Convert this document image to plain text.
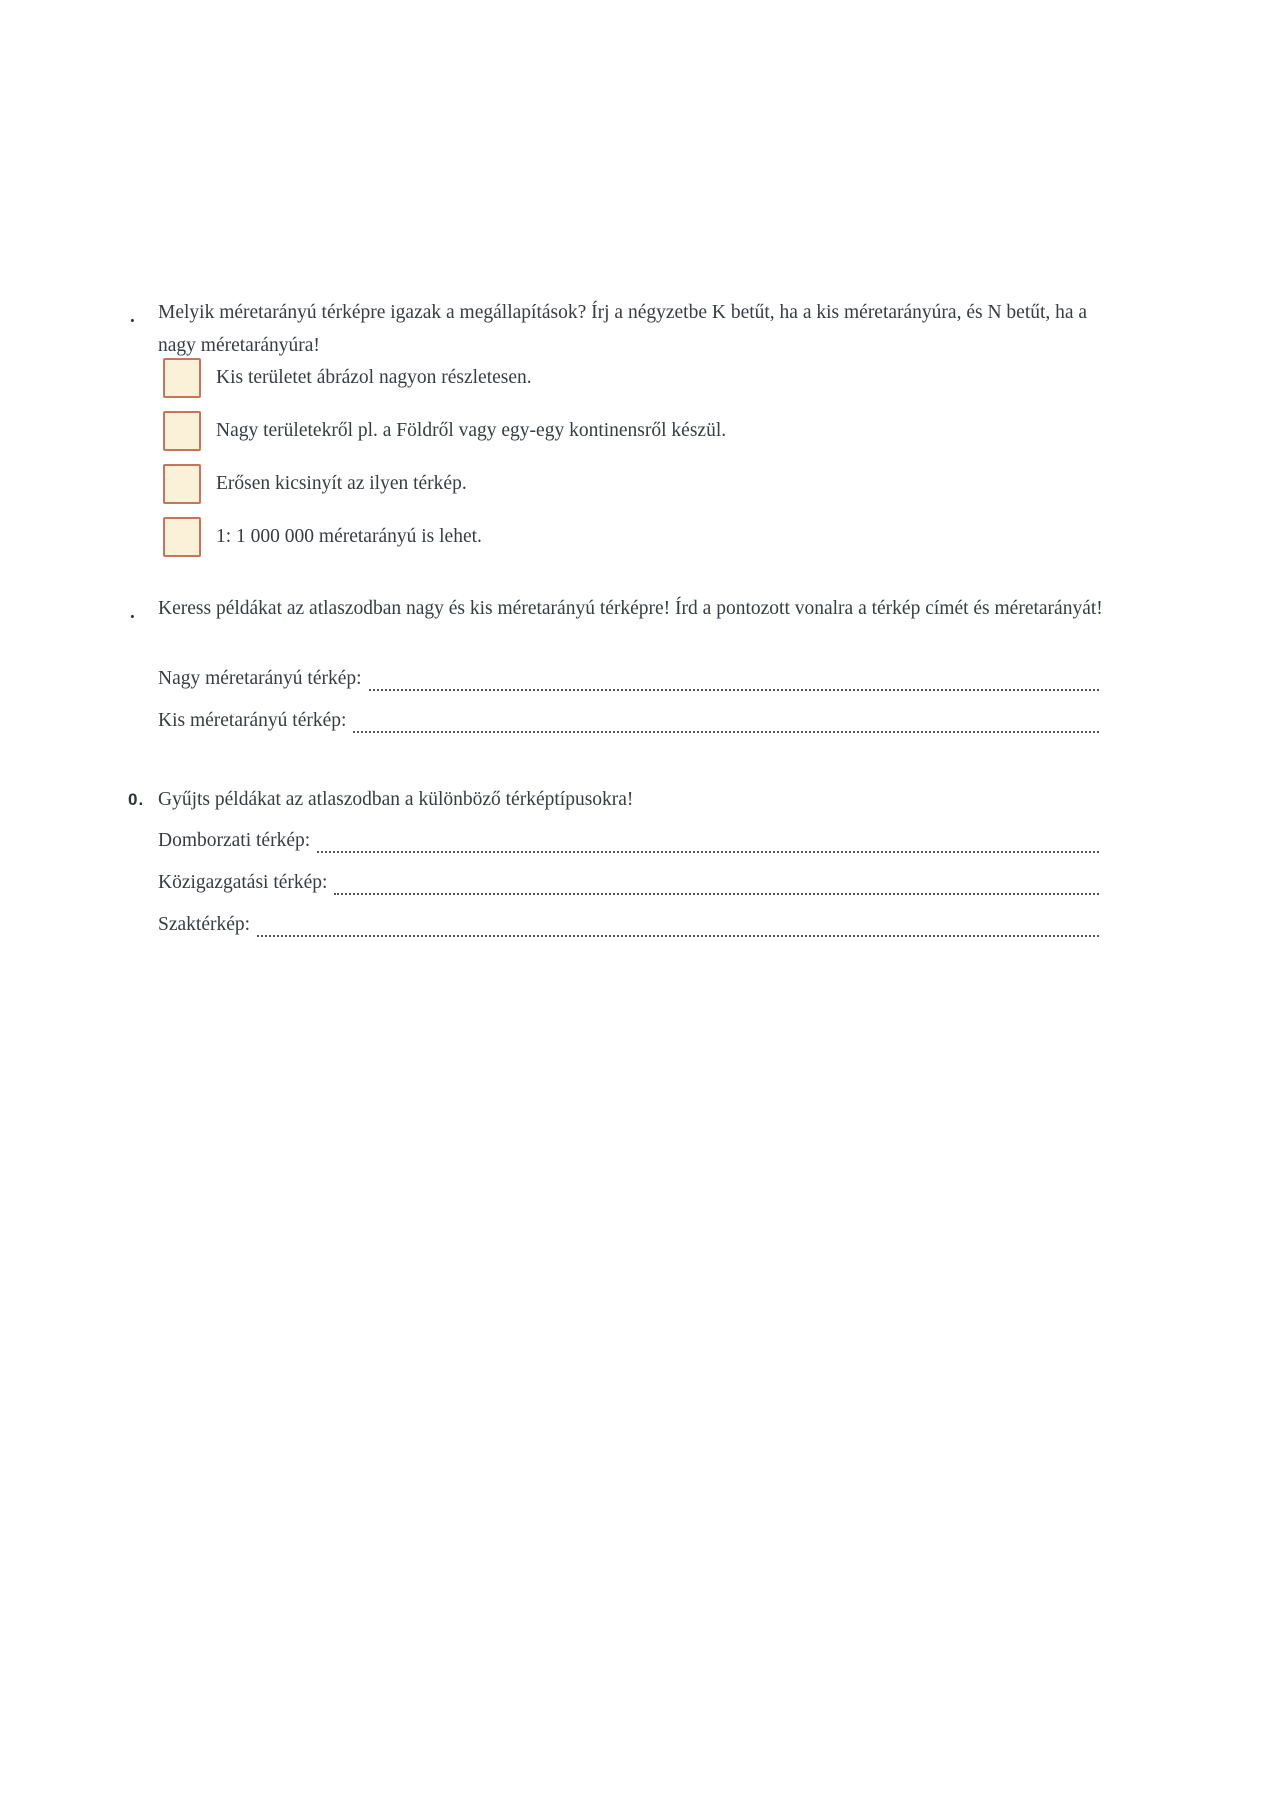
. Melyik méretarányú térképre igazak a megállapítások? Írj a négyzetbe K betűt, ha a kis méretarányúra, és N betűt, ha a nagy méretarányúra!
Kis területet ábrázol nagyon részletesen.
Nagy területekről pl. a Földről vagy egy-egy kontinensről készül.
Erősen kicsinyít az ilyen térkép.
1: 1 000 000 méretarányú is lehet.
. Keress példákat az atlaszodban nagy és kis méretarányú térképre! Írd a pontozott vonalra a térkép címét és méretarányát!
Nagy méretarányú térkép:
Kis méretarányú térkép:
0. Gyűjts példákat az atlaszodban a különböző térképtípusokra!
Domborzati térkép:
Közigazgatási térkép:
Szaktérkép:
